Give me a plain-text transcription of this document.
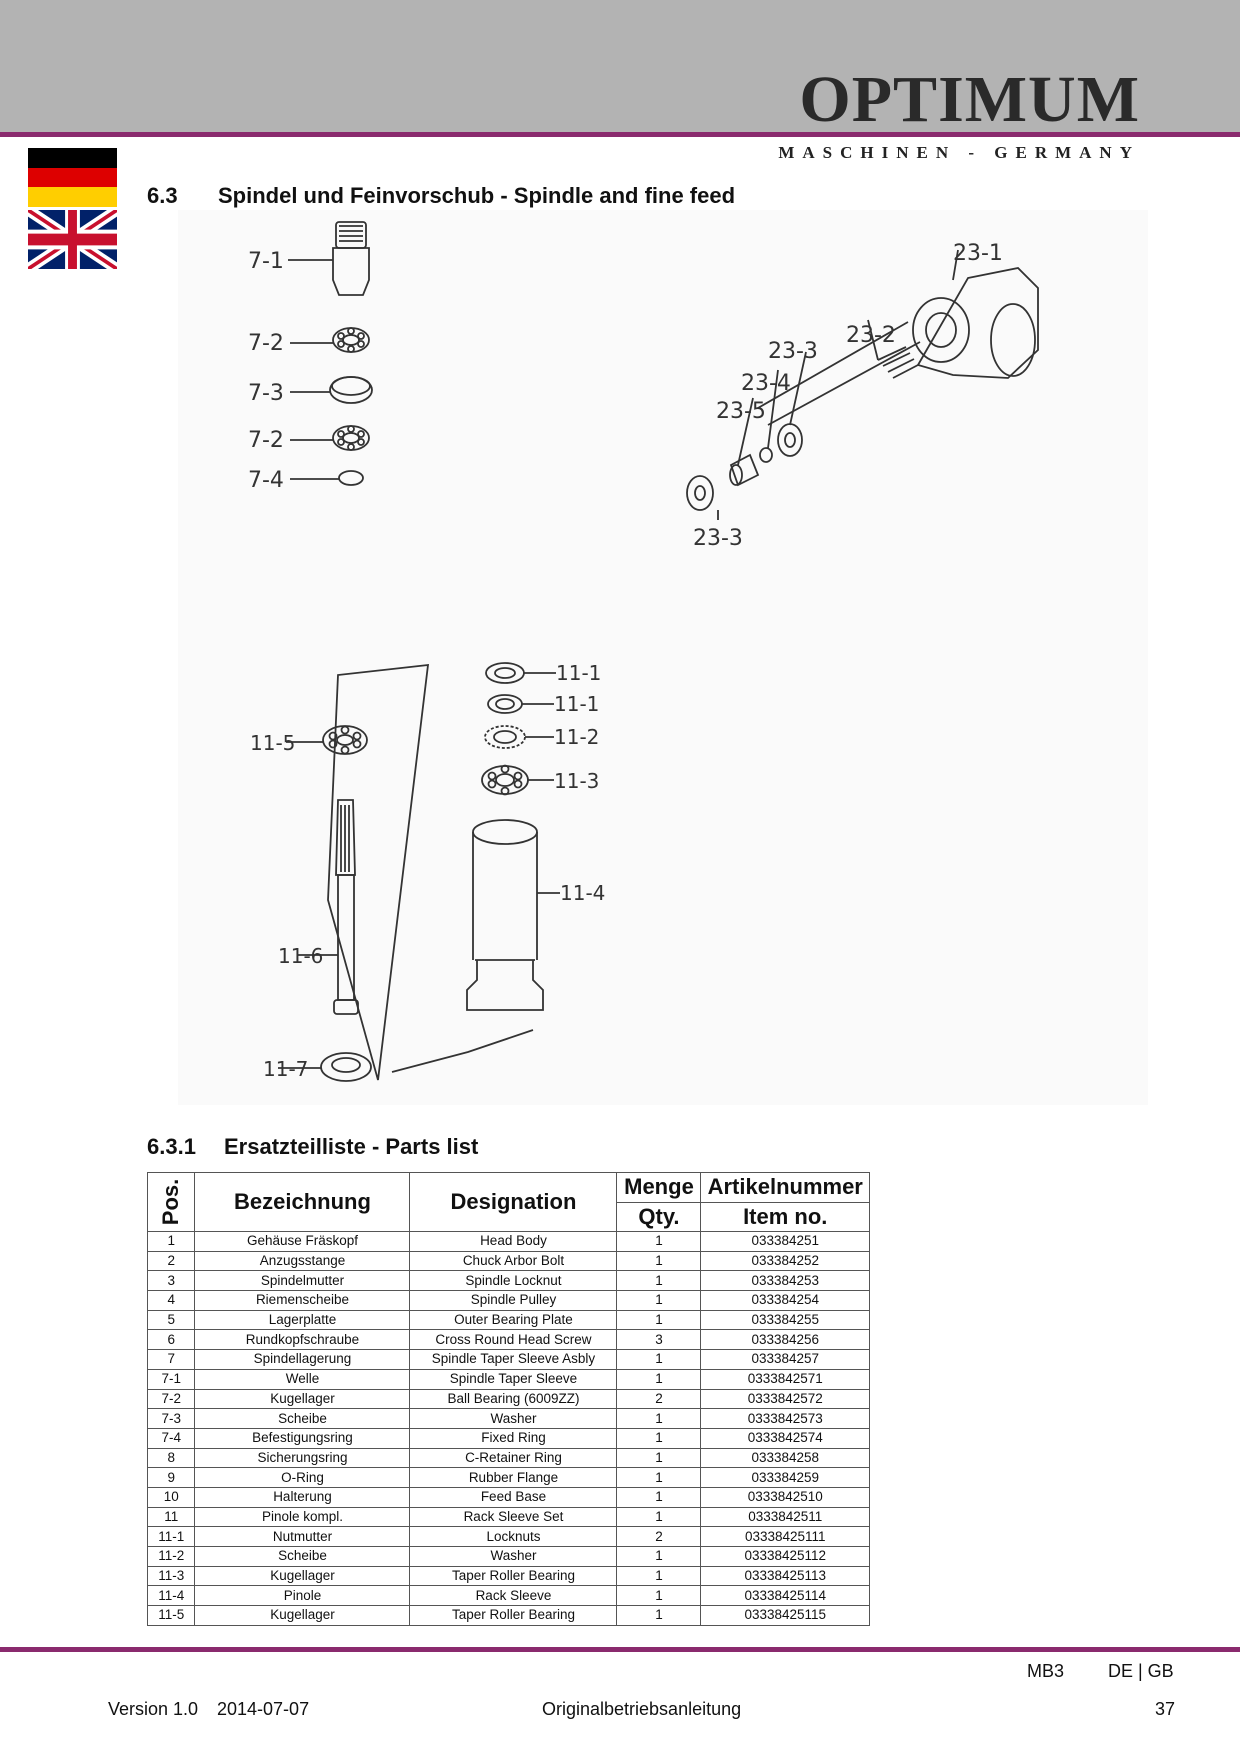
OPTIMUM
MASCHINEN - GERMANY
6.3 Spindel und Feinvorschub - Spindle and fine feed
7-1
7-2
7-3
7-2
7-4
23-1
23-2
23-3
23-4
23-5
23-3
11-5
11-6
11-7
11-1
11-1
11-2
11-3
11-4
6.3.1 Ersatzteilliste - Parts list
Pos.	Bezeichnung	Designation	Menge	Artikelnummer
			Qty.	Item no.
1	Gehäuse Fräskopf	Head Body	1	033384251
2	Anzugsstange	Chuck Arbor Bolt	1	033384252
3	Spindelmutter	Spindle Locknut	1	033384253
4	Riemenscheibe	Spindle Pulley	1	033384254
5	Lagerplatte	Outer Bearing Plate	1	033384255
6	Rundkopfschraube	Cross Round Head Screw	3	033384256
7	Spindellagerung	Spindle Taper Sleeve Asbly	1	033384257
7-1	Welle	Spindle Taper Sleeve	1	0333842571
7-2	Kugellager	Ball Bearing (6009ZZ)	2	0333842572
7-3	Scheibe	Washer	1	0333842573
7-4	Befestigungsring	Fixed Ring	1	0333842574
8	Sicherungsring	C-Retainer Ring	1	033384258
9	O-Ring	Rubber Flange	1	033384259
10	Halterung	Feed Base	1	0333842510
11	Pinole kompl.	Rack Sleeve Set	1	0333842511
11-1	Nutmutter	Locknuts	2	03338425111
11-2	Scheibe	Washer	1	03338425112
11-3	Kugellager	Taper Roller Bearing	1	03338425113
11-4	Pinole	Rack Sleeve	1	03338425114
11-5	Kugellager	Taper Roller Bearing	1	03338425115
MB3 DE | GB
Version 1.0 2014-07-07	Originalbetriebsanleitung	37
